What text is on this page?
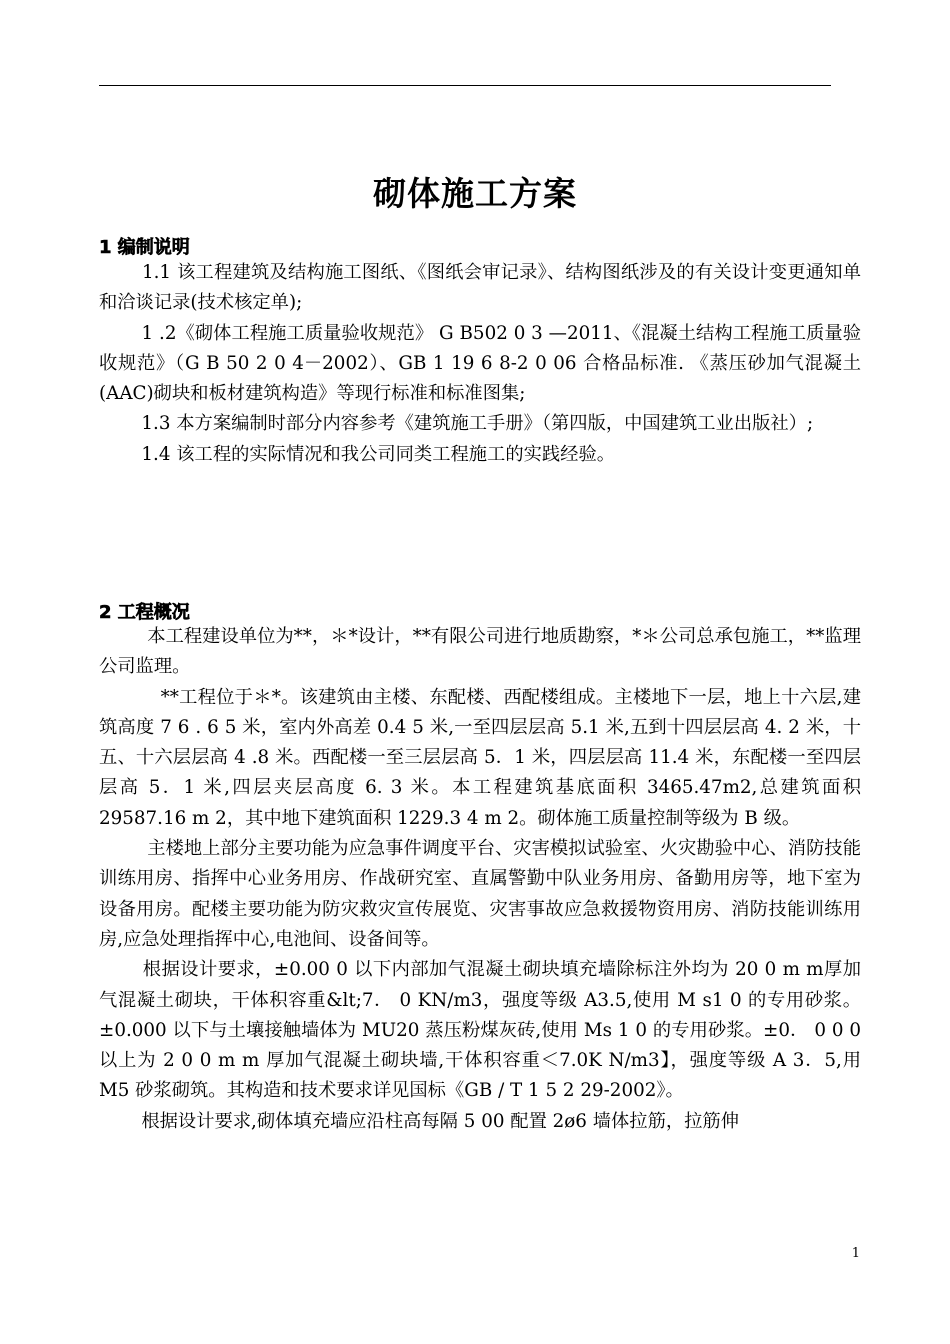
砌体施工方案
1 编制说明

　　 1.1 该工程建筑及结构施工图纸、《图纸会审记录》、结构图纸涉及的有关设计变更通知单和洽谈记录(技术核定单);

　　 1 .2《砌体工程施工质量验收规范》 G B502 0 3 —2011、《混凝土结构工程施工质量验收规范》（G B 50 2 0 4－2002）、GB 1 19 6 8-2 0 06 合格品标准. 《蒸压砂加气混凝土(AAC)砌块和板材建筑构造》等现行标准和标准图集;

　　 1.3 本方案编制时部分内容参考《建筑施工手册》（第四版，中国建筑工业出版社）;

　　 1.4 该工程的实际情况和我公司同类工程施工的实践经验。

2 工程概况

　　  本工程建设单位为**，＊*设计，**有限公司进行地质勘察，*＊公司总承包施工，**监理公司监理。

　　　 **工程位于＊*。该建筑由主楼、东配楼、西配楼组成。主楼地下一层，地上十六层,建筑高度 7 6 . 6 5 米，室内外高差 0.4 5 米,一至四层层高 5.1 米,五到十四层层高 4. 2 米，十五、十六层层高 4 .8 米。西配楼一至三层层高 5．1 米，四层层高 11.4 米，东配楼一至四层层高 5．1 米,四层夹层高度 6. 3 米。本工程建筑基底面积 3465.47m2,总建筑面积 29587.16 m 2，其中地下建筑面积 1229.3 4 m 2。砌体施工质量控制等级为 B 级。

　　  主楼地上部分主要功能为应急事件调度平台、灾害模拟试验室、火灾勘验中心、消防技能训练用房、指挥中心业务用房、作战研究室、直属警勤中队业务用房、备勤用房等，地下室为设备用房。配楼主要功能为防灾救灾宣传展览、灾害事故应急救援物资用房、消防技能训练用房,应急处理指挥中心,电池间、设备间等。

　　 根据设计要求，±0.00 0 以下内部加气混凝土砌块填充墙除标注外均为 20 0 m m厚加气混凝土砌块，干体积容重&lt;7． 0 KN/m3，强度等级 A3.5,使用 M s1 0 的专用砂浆。±0.000 以下与土壤接触墙体为 MU20 蒸压粉煤灰砖,使用 Ms 1 0 的专用砂浆。±0． 0 0 0 以上为 2 0 0 m m 厚加气混凝土砌块墙,干体积容重＜7.0K N/m3】，强度等级 A 3．5,用 M5 砂浆砌筑。其构造和技术要求详见国标《GB / T 1 5 2 29-2002》。

　　 根据设计要求,砌体填充墙应沿柱高每隔 5 00 配置 2ø6 墙体拉筋，拉筋伸

1
